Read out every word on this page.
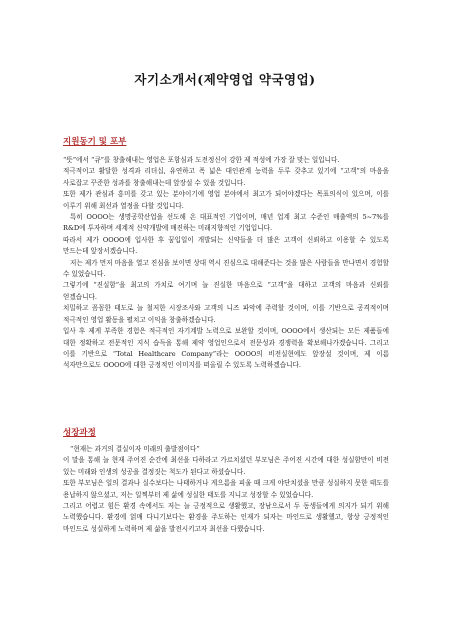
자기소개서(제약영업 약국영업)
지원동기 및 포부

“뜻”에서 “큐”를 창출해내는 영업은 포함심과 도전정신이 강한 제 적성에 가장 잘 맞는 일입니다.

적극적이고 활달한 성격과 리더십, 유연하고 폭 넓은 대인관계 능력을 두루 갖추고 있기에 “고객”의 마음을 사로잡고 꾸준한 성과를 창출해내는데 앞장설 수 있을 것입니다.

또한 제가 관심과 흥미를 갖고 있는 분야이기에 영업 분야에서 최고가 되어야겠다는 목표의식이 있으며, 이를 이루기 위해 최선과 열정을 다할 것입니다.

특히 OOOO는 생명공학산업을 선도해 온 대표적인 기업이며, 매년 업계 최고 수준인 매출액의 5~7%를 R&D에 투자하며 세계적 신약개발에 매진하는 미래지향적인 기업입니다.

따라서 제가 OOOO에 입사한 후 꿈입일이 개발되는 신약들을 더 많은 고객이 신뢰하고 이용할 수 있도록 만드는데 앞장서겠습니다.

저는 제가 먼저 마음을 열고 진심을 보이면 상대 역시 진심으로 대해준다는 것을 많은 사람들을 만나면서 경험할 수 있었습니다.

그렇기에 “진실함”을 최고의 가치로 여기며 늘 진실한 마음으로 “고객”을 대하고 고객의 마음과 신뢰를 얻겠습니다.

치밀하고 꼼꼼한 태도로 늘 철저한 시장조사와 고객의 니즈 파악에 주력할 것이며, 이를 기반으로 공격적이며 적극적인 영업 활동을 펼치고 이익을 창출하겠습니다.

입사 후 제게 부족한 경험은 적극적인 자기계발 노력으로 보완할 것이며, OOOO에서 생산되는 모든 제품들에 대한 정확하고 전문적인 지식 습득을 통해 제약 영업인으로서 전문성과 경쟁력을 확보해나가겠습니다. 그리고 이를 기반으로 “Total Healthcare Company”라는 OOOO의 비전실현에도 앞장설 것이며, 제 이름 석자만으로도 OOOO에 대한 긍정적인 이미지를 떠올릴 수 있도록 노력하겠습니다.

성장과정

“현재는 과거의 결실이자 미래의 출발점이다”

이 말을 통해 늘 현재 주어진 순간에 최선을 다하라고 가르치셨던 부모님은 주어진 시간에 대한 성실함만이 비전 있는 미래와 인생의 성공을 결정짓는 척도가 된다고 하셨습니다.

또한 부모님은 일의 결과나 실수보다는 나태하거나 게으름을 피울 때 크게 야단치셨을 만큼 성실하지 못한 태도를 용납하지 않으셨고, 저는 일찍부터 제 삶에 성실한 태도를 지니고 성장할 수 있었습니다.

그리고 어렵고 힘든 환경 속에서도 저는 늘 긍정적으로 생활했고, 장남으로서 두 동생들에게 의지가 되기 위해 노력했습니다. 환경에 얽매 다니기보다는 환경을 주도하는 인재가 되자는 마인드로 생활했고, 항상 긍정적인 마인드로 성실하게 노력하며 제 삶을 발전시키고자 최선을 다했습니다.
